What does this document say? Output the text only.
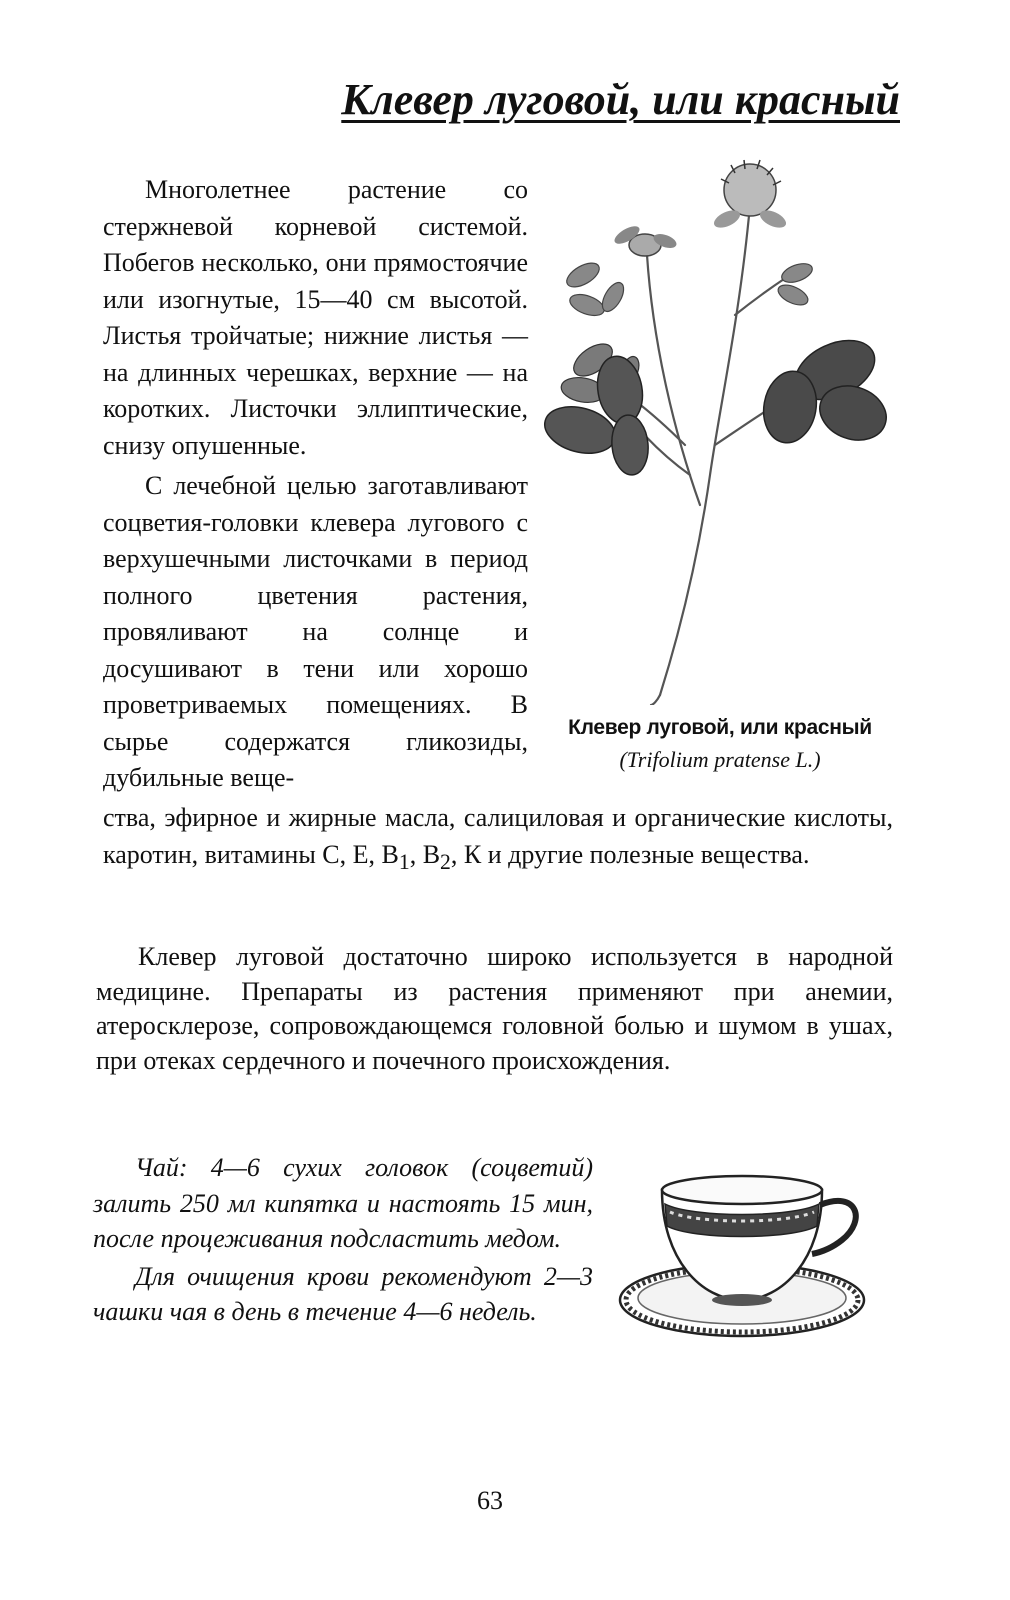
Клевер луговой, или красный

Многолетнее растение со стержневой корневой системой. Побегов несколько, они прямостоячие или изогнутые, 15—40 см высотой. Листья тройчатые; нижние листья — на длинных черешках, верхние — на коротких. Листочки эллиптические, снизу опушенные.

С лечебной целью заготавливают соцветия-головки клевера лугового с верхушечными листочками в период полного цветения растения, провяливают на солнце и досушивают в тени или хорошо проветриваемых помещениях. В сырье содержатся гликозиды, дубильные веще-

Клевер луговой, или красный

(Trifolium pratense L.)

ства, эфирное и жирные масла, салициловая и органические кислоты, каротин, витамины С, Е, $В_1$, $В_2$, К и другие полезные вещества.

Клевер луговой достаточно широко используется в народной медицине. Препараты из растения применяют при анемии, атеросклерозе, сопровождающемся головной болью и шумом в ушах, при отеках сердечного и почечного происхождения.

Чай: 4—6 сухих головок (соцветий) залить 250 мл кипятка и настоять 15 мин, после процеживания подсластить медом.

Для очищения крови рекомендуют 2—3 чашки чая в день в течение 4—6 недель.

63
